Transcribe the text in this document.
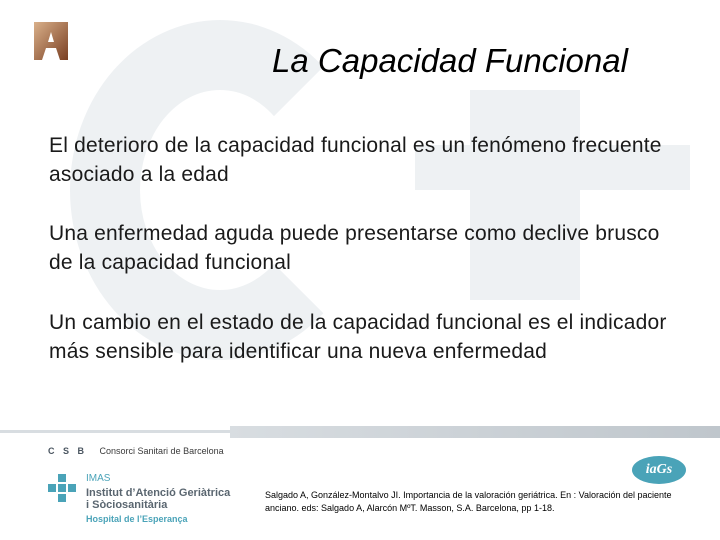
La Capacidad Funcional
El deterioro de la capacidad funcional es un fenómeno frecuente asociado a la edad
Una enfermedad aguda puede presentarse como declive brusco de la capacidad funcional
Un cambio en el estado de la capacidad funcional es el indicador más sensible para identificar una nueva enfermedad
C S B Consorci Sanitari de Barcelona
IMAS
Institut d’Atenció Geriàtrica
i Sòciosanitària
Hospital de l’Esperança
iaGs
Salgado A, González-Montalvo JI. Importancia de la valoración geriátrica. En : Valoración del paciente anciano. eds: Salgado A, Alarcón MºT. Masson, S.A. Barcelona, pp 1-18.
